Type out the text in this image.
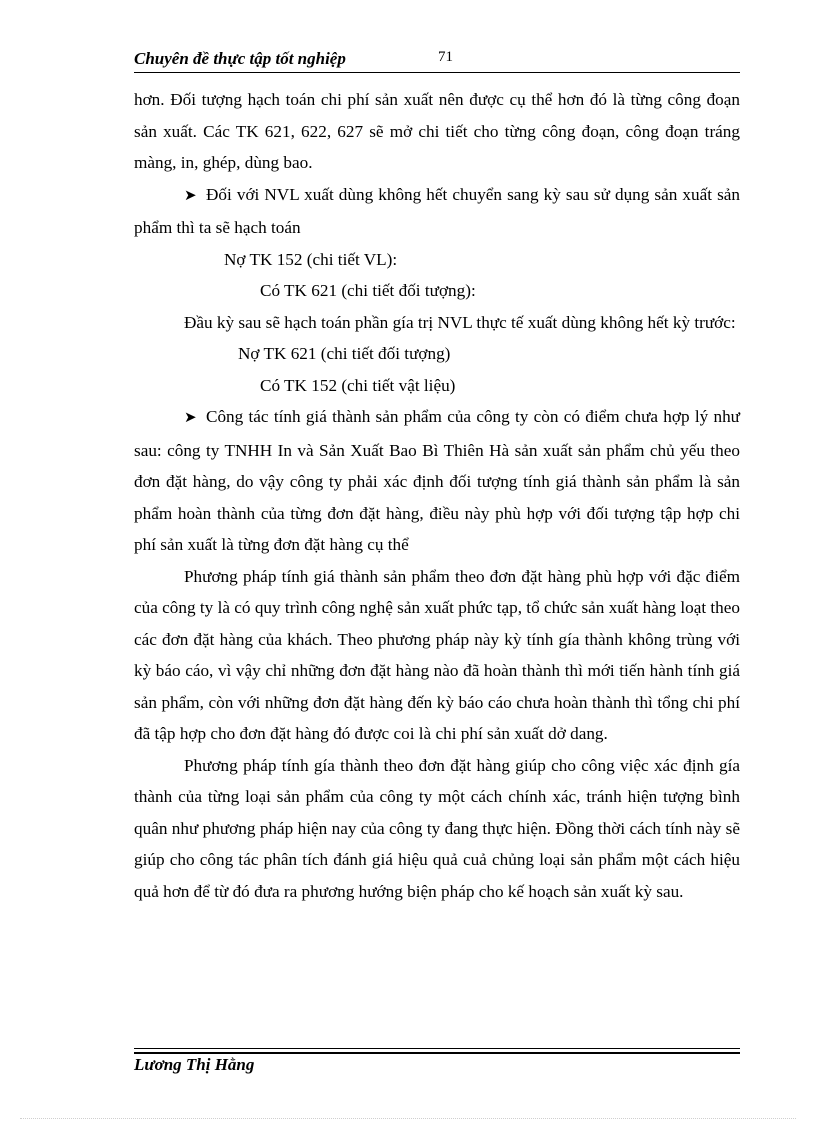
Chuyên đề thực tập tốt nghiệp	71

hơn. Đối tượng hạch toán chi phí sản xuất nên được cụ thể hơn đó là từng công đoạn sản xuất. Các TK 621, 622, 627 sẽ mở chi tiết cho từng công đoạn, công đoạn tráng màng, in, ghép, dùng bao.

➤ Đối với NVL xuất dùng không hết chuyển sang kỳ sau sử dụng sản xuất sản phẩm thì ta sẽ hạch toán

Nợ TK 152 (chi tiết VL):

Có TK 621 (chi tiết đối tượng):

Đầu kỳ sau sẽ hạch toán phần gía trị NVL thực tế xuất dùng không hết kỳ trước:

Nợ TK 621 (chi tiết đối tượng)

Có TK 152 (chi tiết vật liệu)

➤ Công tác tính giá thành sản phẩm của công ty còn có điểm chưa hợp lý như sau: công ty TNHH In và Sản Xuất Bao Bì Thiên Hà sản xuất sản phẩm chủ yếu theo đơn đặt hàng, do vậy công ty phải xác định đối tượng tính giá thành sản phẩm là sản phẩm hoàn thành của từng đơn đặt hàng, điều này phù hợp với đối tượng tập hợp chi phí sản xuất là từng đơn đặt hàng cụ thể

Phương pháp tính giá thành sản phẩm theo đơn đặt hàng phù hợp với đặc điểm của công ty là có quy trình công nghệ sản xuất phức tạp, tổ chức sản xuất hàng loạt theo các đơn đặt hàng của khách. Theo phương pháp này kỳ tính gía thành không trùng với kỳ báo cáo, vì vậy chỉ những đơn đặt hàng nào đã hoàn thành thì mới tiến hành tính giá sản phẩm, còn với những đơn đặt hàng đến kỳ báo cáo chưa hoàn thành thì tổng chi phí đã tập hợp cho đơn đặt hàng đó được coi là chi phí sản xuất dở dang.

Phương pháp tính gía thành theo đơn đặt hàng giúp cho công việc xác định gía thành của từng loại sản phẩm của công ty một cách chính xác, tránh hiện tượng bình quân như phương pháp hiện nay của công ty đang thực hiện. Đồng thời cách tính này sẽ giúp cho công tác phân tích đánh giá hiệu quả cuả chủng loại sản phẩm một cách hiệu quả hơn để từ đó đưa ra phương hướng biện pháp cho kế hoạch sản xuất kỳ sau.

Lương Thị Hằng
